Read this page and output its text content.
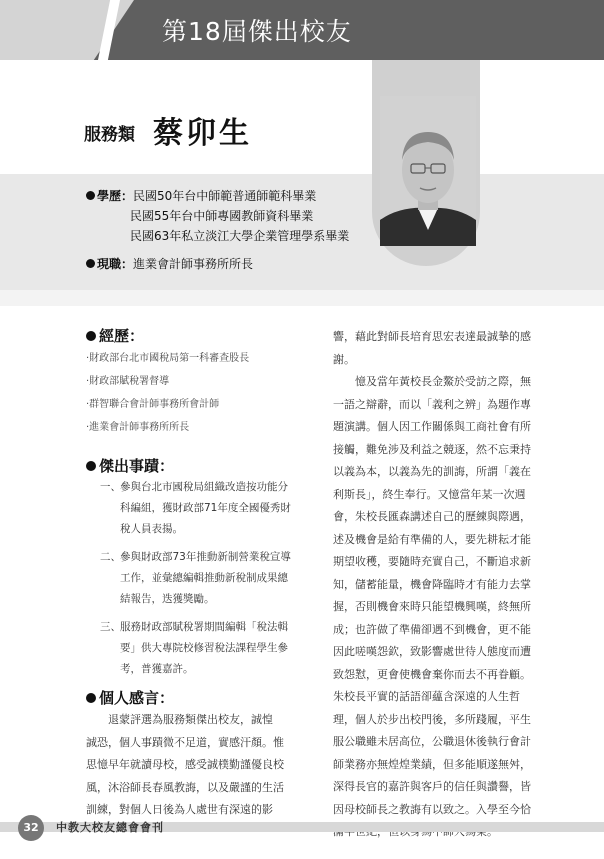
第18屆傑出校友
服務類 蔡卯生
學歷：民國50年台中師範普通師範科畢業
民國55年台中師專國教師資科畢業
民國63年私立淡江大學企業管理學系畢業
現職：進業會計師事務所所長
經歷：
‧財政部台北市國稅局第一科審查股長
‧財政部賦稅署督導
‧群智聯合會計師事務所會計師
‧進業會計師事務所所長
傑出事蹟：
一、 參與台北市國稅局組織改造按功能分
科編組，獲財政部71年度全國優秀財
稅人員表揚。
二、 參與財政部73年推動新制營業稅宣導
工作，並彙總編輯推動新稅制成果總
結報告，迭獲獎勵。
三、 服務財政部賦稅署期間編輯「稅法輯
要」供大專院校修習稅法課程學生參
考，普獲嘉許。
個人感言：
退蒙評選為服務類傑出校友，誠惶
誠恐，個人事蹟微不足道，實感汗顏。惟
思憶早年就讀母校，感受誠樸勤謹優良校
風，沐浴師長春風教誨，以及嚴謹的生活
訓練，對個人日後為人處世有深遠的影
響，藉此對師長培育思宏表達最誠摯的感
謝。
憶及當年黃校長金鰲於受訪之際，無
一語之辯辭，而以「義利之辨」為題作專
題演講。個人因工作關係與工商社會有所
接觸，難免涉及利益之競逐，然不忘秉持
以義為本，以義為先的訓誨，所謂「義在
利斯長」，終生奉行。又憶當年某一次週
會，朱校長匯森講述自己的歷練與際遇，
述及機會是給有準備的人，要先耕耘才能
期望收穫，要隨時充實自己，不斷追求新
知，儲蓄能量，機會降臨時才有能力去掌
握，否則機會來時只能望機興嘆，終無所
成；也許做了準備卻遇不到機會，更不能
因此嗟嘆怨欽，致影響處世待人態度而遭
致怨懟，更會使機會棄你而去不再眷顧。
朱校長平實的話語卻蘊含深遠的人生哲
理，個人於步出校門後，多所踐履，平生
服公職雖未居高位，公職退休後執行會計
師業務亦無煌煌業績，但多能順遂無舛，
深得長官的嘉許與客戶的信任與讚譽，皆
因母校師長之教誨有以致之。入學至今恰
32	中教大校友總會會刊
